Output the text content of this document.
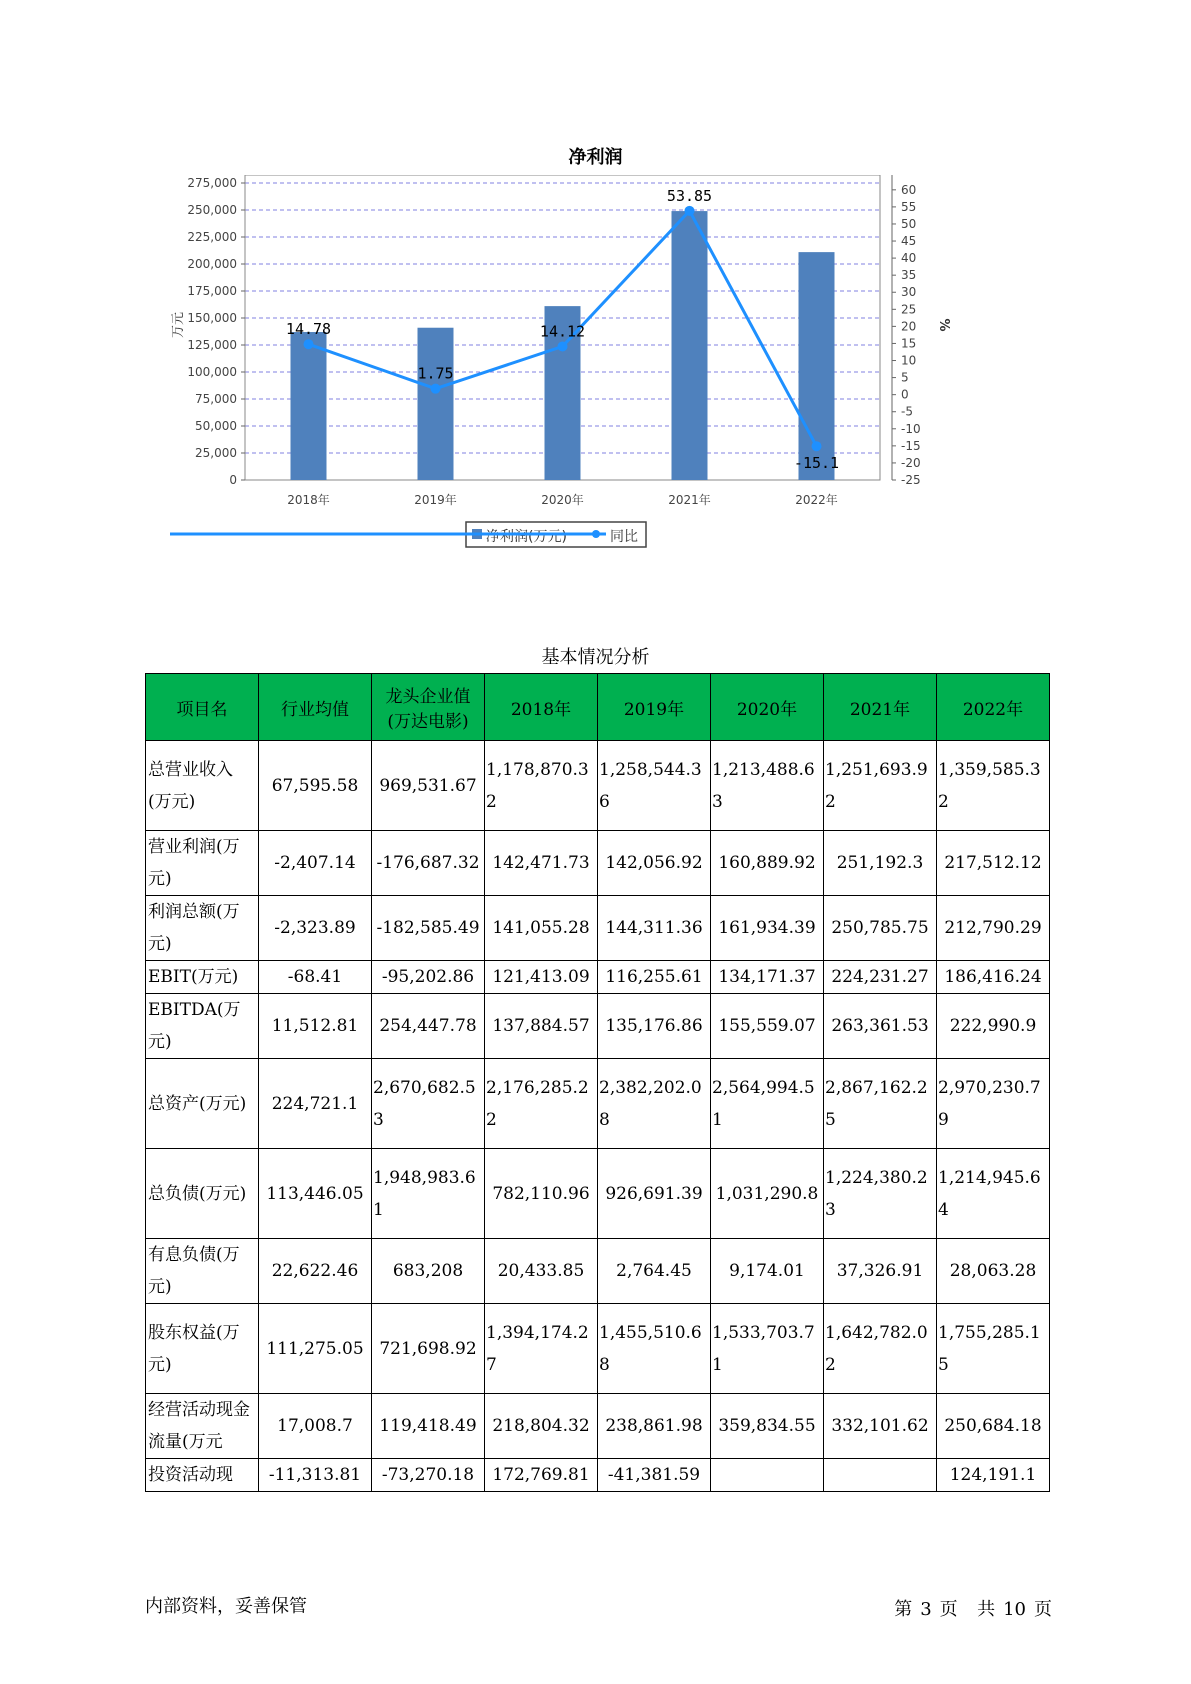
净利润
0
25,000
50,000
75,000
100,000
125,000
150,000
175,000
200,000
225,000
250,000
275,000
-25
-20
-15
-10
-5
0
5
10
15
20
25
30
35
40
45
50
55
60
14.78
1.75
14.12
53.85
-15.1
2018年	2019年	2020年	2021年	2022年
万元	%
净利润(万元)	同比
基本情况分析
项目名	行业均值	龙头企业值(万达电影)	2018年	2019年	2020年	2021年	2022年
总营业收入(万元)	67,595.58	969,531.67	1,178,870.32	1,258,544.36	1,213,488.63	1,251,693.92	1,359,585.32
营业利润(万元)	-2,407.14	-176,687.32	142,471.73	142,056.92	160,889.92	251,192.3	217,512.12
利润总额(万元)	-2,323.89	-182,585.49	141,055.28	144,311.36	161,934.39	250,785.75	212,790.29
EBIT(万元)	-68.41	-95,202.86	121,413.09	116,255.61	134,171.37	224,231.27	186,416.24
EBITDA(万元)	11,512.81	254,447.78	137,884.57	135,176.86	155,559.07	263,361.53	222,990.9
总资产(万元)	224,721.1	2,670,682.53	2,176,285.22	2,382,202.08	2,564,994.51	2,867,162.25	2,970,230.79
总负债(万元)	113,446.05	1,948,983.61	782,110.96	926,691.39	1,031,290.8	1,224,380.23	1,214,945.64
有息负债(万元)	22,622.46	683,208	20,433.85	2,764.45	9,174.01	37,326.91	28,063.28
股东权益(万元)	111,275.05	721,698.92	1,394,174.27	1,455,510.68	1,533,703.71	1,642,782.02	1,755,285.15
经营活动现金流量(万元	17,008.7	119,418.49	218,804.32	238,861.98	359,834.55	332,101.62	250,684.18
投资活动现	-11,313.81	-73,270.18	172,769.81	-41,381.59			124,191.1
内部资料，妥善保管	第 3 页 共 10 页
